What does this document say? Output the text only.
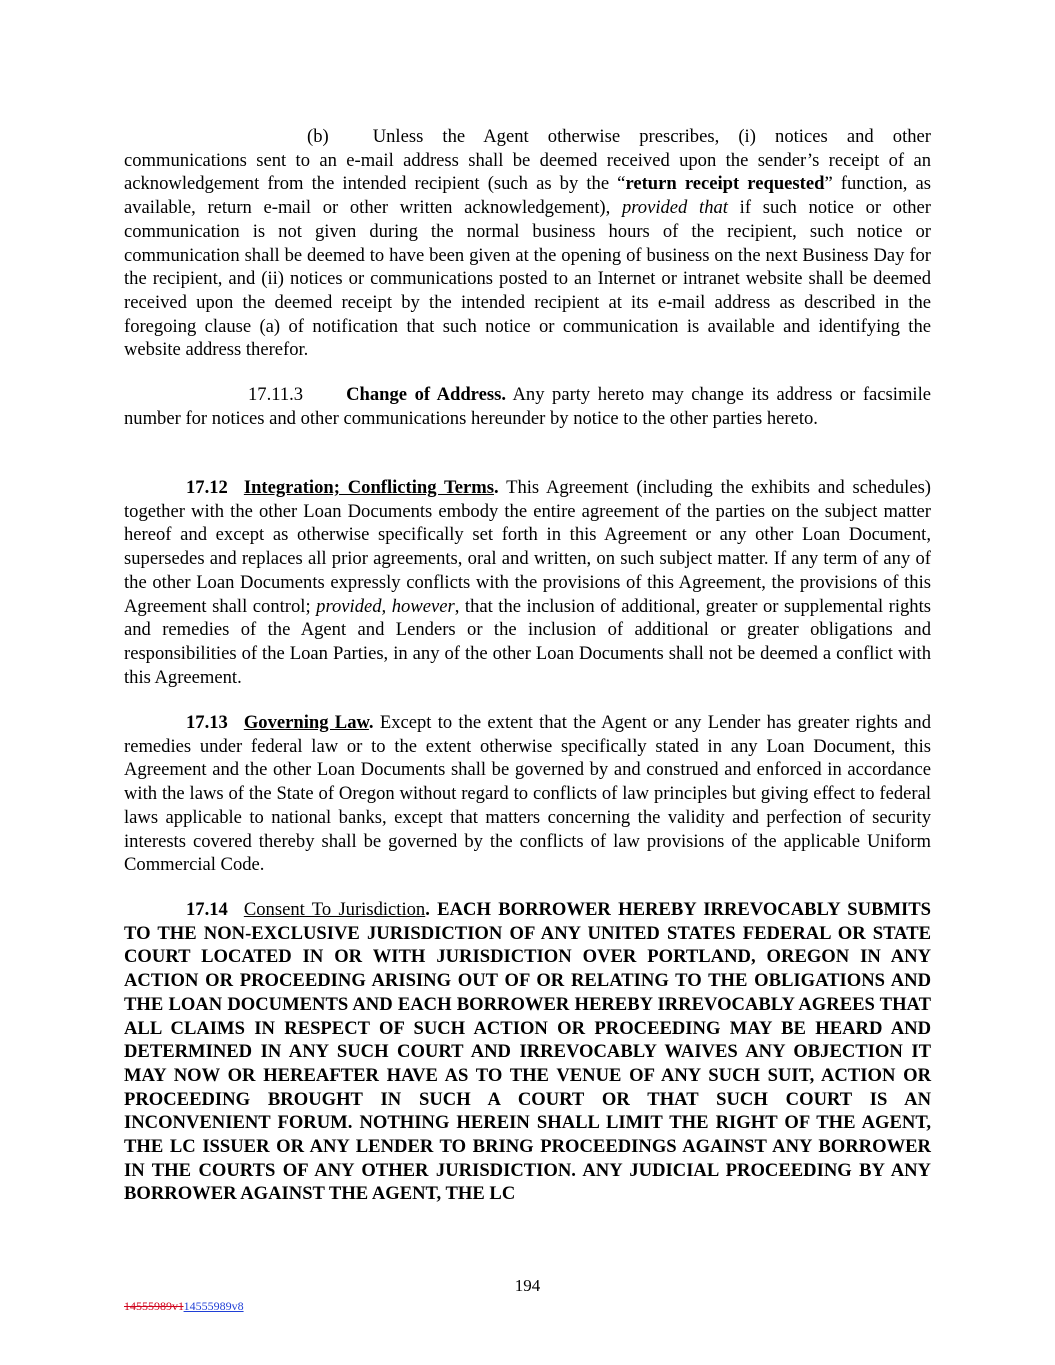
(b) Unless the Agent otherwise prescribes, (i) notices and other communications sent to an e-mail address shall be deemed received upon the sender’s receipt of an acknowledgement from the intended recipient (such as by the “return receipt requested” function, as available, return e-mail or other written acknowledgement), provided that if such notice or other communication is not given during the normal business hours of the recipient, such notice or communication shall be deemed to have been given at the opening of business on the next Business Day for the recipient, and (ii) notices or communications posted to an Internet or intranet website shall be deemed received upon the deemed receipt by the intended recipient at its e-mail address as described in the foregoing clause (a) of notification that such notice or communication is available and identifying the website address therefor.

17.11.3 Change of Address. Any party hereto may change its address or facsimile number for notices and other communications hereunder by notice to the other parties hereto.

17.12 Integration; Conflicting Terms. This Agreement (including the exhibits and schedules) together with the other Loan Documents embody the entire agreement of the parties on the subject matter hereof and except as otherwise specifically set forth in this Agreement or any other Loan Document, supersedes and replaces all prior agreements, oral and written, on such subject matter. If any term of any of the other Loan Documents expressly conflicts with the provisions of this Agreement, the provisions of this Agreement shall control; provided, however, that the inclusion of additional, greater or supplemental rights and remedies of the Agent and Lenders or the inclusion of additional or greater obligations and responsibilities of the Loan Parties, in any of the other Loan Documents shall not be deemed a conflict with this Agreement.

17.13 Governing Law. Except to the extent that the Agent or any Lender has greater rights and remedies under federal law or to the extent otherwise specifically stated in any Loan Document, this Agreement and the other Loan Documents shall be governed by and construed and enforced in accordance with the laws of the State of Oregon without regard to conflicts of law principles but giving effect to federal laws applicable to national banks, except that matters concerning the validity and perfection of security interests covered thereby shall be governed by the conflicts of law provisions of the applicable Uniform Commercial Code.

17.14 Consent To Jurisdiction. EACH BORROWER HEREBY IRREVOCABLY SUBMITS TO THE NON-EXCLUSIVE JURISDICTION OF ANY UNITED STATES FEDERAL OR STATE COURT LOCATED IN OR WITH JURISDICTION OVER PORTLAND, OREGON IN ANY ACTION OR PROCEEDING ARISING OUT OF OR RELATING TO THE OBLIGATIONS AND THE LOAN DOCUMENTS AND EACH BORROWER HEREBY IRREVOCABLY AGREES THAT ALL CLAIMS IN RESPECT OF SUCH ACTION OR PROCEEDING MAY BE HEARD AND DETERMINED IN ANY SUCH COURT AND IRREVOCABLY WAIVES ANY OBJECTION IT MAY NOW OR HEREAFTER HAVE AS TO THE VENUE OF ANY SUCH SUIT, ACTION OR PROCEEDING BROUGHT IN SUCH A COURT OR THAT SUCH COURT IS AN INCONVENIENT FORUM. NOTHING HEREIN SHALL LIMIT THE RIGHT OF THE AGENT, THE LC ISSUER OR ANY LENDER TO BRING PROCEEDINGS AGAINST ANY BORROWER IN THE COURTS OF ANY OTHER JURISDICTION. ANY JUDICIAL PROCEEDING BY ANY BORROWER AGAINST THE AGENT, THE LC

194
14555989v114555989v8
